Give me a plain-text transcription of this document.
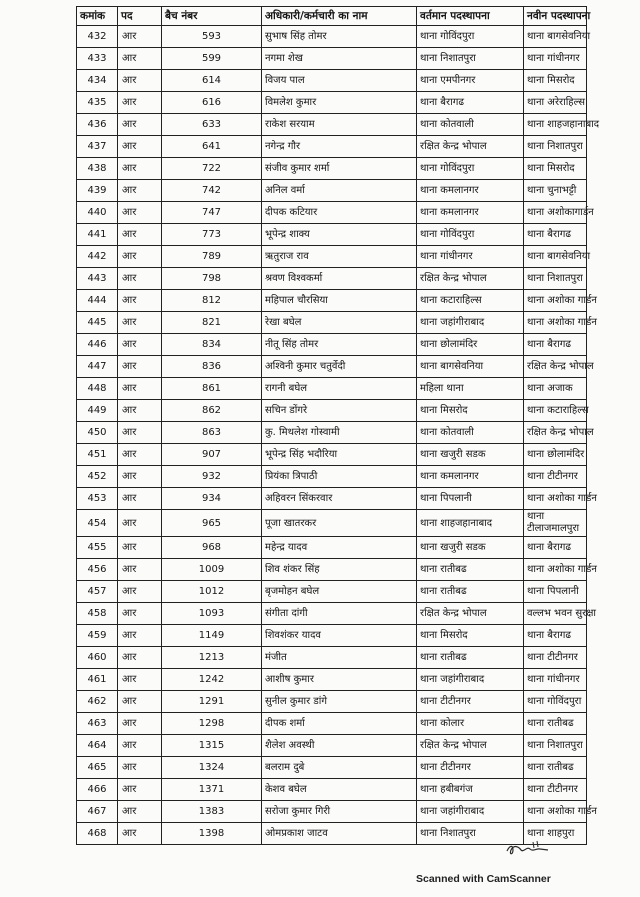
कमांक	पद	बैच नंबर	अधिकारी/कर्मचारी का नाम	वर्तमान पदस्थापना	नवीन पदस्थापना
432	आर	593	सुभाष सिंह तोमर	थाना गोविंदपुरा	थाना बागसेवनिया
433	आर	599	नगमा शेख	थाना निशातपुरा	थाना गांधीनगर
434	आर	614	विजय पाल	थाना एमपीनगर	थाना मिसरोद
435	आर	616	विमलेश कुमार	थाना बैरागढ	थाना अरेराहिल्स
436	आर	633	राकेश सरयाम	थाना कोतवाली	थाना शाहजहानाबाद
437	आर	641	नगेन्द्र गौर	रक्षित केन्द्र भोपाल	थाना निशातपुरा
438	आर	722	संजीव कुमार शर्मा	थाना गोविंदपुरा	थाना मिसरोद
439	आर	742	अनिल वर्मा	थाना कमलानगर	थाना चुनाभट्टी
440	आर	747	दीपक कटियार	थाना कमलानगर	थाना अशोकागार्डन
441	आर	773	भूपेन्द्र शाक्य	थाना गोविंदपुरा	थाना बैरागढ
442	आर	789	ऋतुराज राव	थाना गांधीनगर	थाना बागसेवनिया
443	आर	798	श्रवण विश्वकर्मा	रक्षित केन्द्र भोपाल	थाना निशातपुरा
444	आर	812	महिपाल चौरसिया	थाना कटाराहिल्स	थाना अशोका गार्डन
445	आर	821	रेखा बघेल	थाना जहांगीराबाद	थाना अशोका गार्डन
446	आर	834	नीतू सिंह तोमर	थाना छोलामंदिर	थाना बैरागढ
447	आर	836	अश्विनी कुमार चतुर्वेदी	थाना बागसेवनिया	रक्षित केन्द्र भोपाल
448	आर	861	रागनी बघेल	महिला थाना	थाना अजाक
449	आर	862	सचिन डोंगरे	थाना मिसरोद	थाना कटाराहिल्स
450	आर	863	कु. मिथलेश गोस्वामी	थाना कोतवाली	रक्षित केन्द्र भोपाल
451	आर	907	भूपेन्द्र सिंह भदौरिया	थाना खजुरी सडक	थाना छोलामंदिर
452	आर	932	प्रियंका त्रिपाठी	थाना कमलानगर	थाना टीटीनगर
453	आर	934	अहिवरन सिंकरवार	थाना पिपलानी	थाना अशोका गार्डन
454	आर	965	पूजा खातरकर	थाना शाहजहानाबाद	थाना टीलाजमालपुरा
455	आर	968	महेन्द्र यादव	थाना खजुरी सडक	थाना बैरागढ
456	आर	1009	शिव शंकर सिंह	थाना रातीबढ	थाना अशोका गार्डन
457	आर	1012	बृजमोहन बघेल	थाना रातीबढ	थाना पिपलानी
458	आर	1093	संगीता दांगी	रक्षित केन्द्र भोपाल	वल्लभ भवन सुरक्षा
459	आर	1149	शिवशंकर यादव	थाना मिसरोद	थाना बैरागढ
460	आर	1213	मंजीत	थाना रातीबढ	थाना टीटीनगर
461	आर	1242	आशीष कुमार	थाना जहांगीराबाद	थाना गांधीनगर
462	आर	1291	सुनील कुमार डांगे	थाना टीटीनगर	थाना गोविंदपुरा
463	आर	1298	दीपक शर्मा	थाना कोलार	थाना रातीबढ
464	आर	1315	शैलेश अवस्थी	रक्षित केन्द्र भोपाल	थाना निशातपुरा
465	आर	1324	बलराम दुबे	थाना टीटीनगर	थाना रातीबढ
466	आर	1371	केशव बघेल	थाना हबीबगंज	थाना टीटीनगर
467	आर	1383	सरोजा कुमार गिरी	थाना जहांगीराबाद	थाना अशोका गार्डन
468	आर	1398	ओमप्रकाश जाटव	थाना निशातपुरा	थाना शाहपुरा
Scanned with CamScanner
